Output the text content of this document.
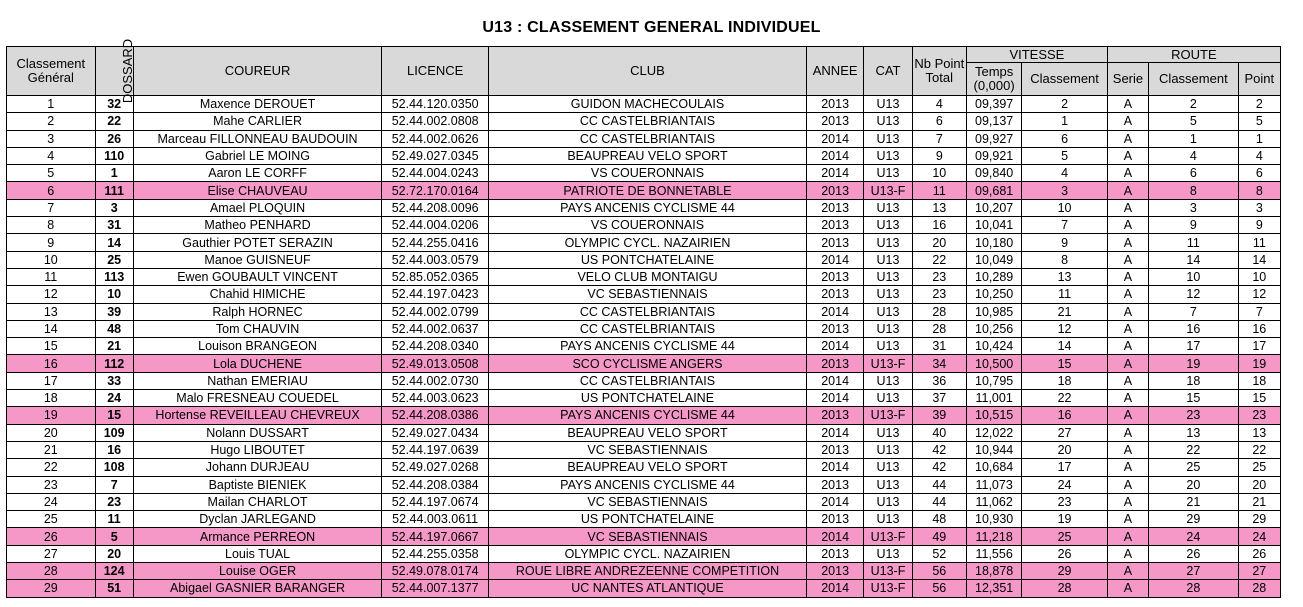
U13 : CLASSEMENT GENERAL INDIVIDUEL
Classement Général	DOSSARD	COUREUR	LICENCE	CLUB	ANNEE	CAT	Nb Point Total	VITESSE		ROUTE		
								Temps (0,000)	Classement	Serie	Classement	Point
1	32	Maxence DEROUET	52.44.120.0350	GUIDON MACHECOULAIS	2013	U13	4	09,397	2	A	2	2
2	22	Mahe CARLIER	52.44.002.0808	CC CASTELBRIANTAIS	2013	U13	6	09,137	1	A	5	5
3	26	Marceau FILLONNEAU BAUDOUIN	52.44.002.0626	CC CASTELBRIANTAIS	2014	U13	7	09,927	6	A	1	1
4	110	Gabriel LE MOING	52.49.027.0345	BEAUPREAU VELO SPORT	2014	U13	9	09,921	5	A	4	4
5	1	Aaron LE CORFF	52.44.004.0243	VS COUERONNAIS	2014	U13	10	09,840	4	A	6	6
6	111	Elise CHAUVEAU	52.72.170.0164	PATRIOTE DE BONNETABLE	2013	U13-F	11	09,681	3	A	8	8
7	3	Amael PLOQUIN	52.44.208.0096	PAYS ANCENIS CYCLISME 44	2013	U13	13	10,207	10	A	3	3
8	31	Matheo PENHARD	52.44.004.0206	VS COUERONNAIS	2013	U13	16	10,041	7	A	9	9
9	14	Gauthier POTET SERAZIN	52.44.255.0416	OLYMPIC CYCL. NAZAIRIEN	2013	U13	20	10,180	9	A	11	11
10	25	Manoe GUISNEUF	52.44.003.0579	US PONTCHATELAINE	2014	U13	22	10,049	8	A	14	14
11	113	Ewen GOUBAULT VINCENT	52.85.052.0365	VELO CLUB MONTAIGU	2013	U13	23	10,289	13	A	10	10
12	10	Chahid HIMICHE	52.44.197.0423	VC SEBASTIENNAIS	2013	U13	23	10,250	11	A	12	12
13	39	Ralph HORNEC	52.44.002.0799	CC CASTELBRIANTAIS	2014	U13	28	10,985	21	A	7	7
14	48	Tom CHAUVIN	52.44.002.0637	CC CASTELBRIANTAIS	2013	U13	28	10,256	12	A	16	16
15	21	Louison BRANGEON	52.44.208.0340	PAYS ANCENIS CYCLISME 44	2014	U13	31	10,424	14	A	17	17
16	112	Lola DUCHENE	52.49.013.0508	SCO CYCLISME ANGERS	2013	U13-F	34	10,500	15	A	19	19
17	33	Nathan EMERIAU	52.44.002.0730	CC CASTELBRIANTAIS	2014	U13	36	10,795	18	A	18	18
18	24	Malo FRESNEAU COUEDEL	52.44.003.0623	US PONTCHATELAINE	2014	U13	37	11,001	22	A	15	15
19	15	Hortense REVEILLEAU CHEVREUX	52.44.208.0386	PAYS ANCENIS CYCLISME 44	2013	U13-F	39	10,515	16	A	23	23
20	109	Nolann DUSSART	52.49.027.0434	BEAUPREAU VELO SPORT	2014	U13	40	12,022	27	A	13	13
21	16	Hugo LIBOUTET	52.44.197.0639	VC SEBASTIENNAIS	2013	U13	42	10,944	20	A	22	22
22	108	Johann DURJEAU	52.49.027.0268	BEAUPREAU VELO SPORT	2014	U13	42	10,684	17	A	25	25
23	7	Baptiste BIENIEK	52.44.208.0384	PAYS ANCENIS CYCLISME 44	2013	U13	44	11,073	24	A	20	20
24	23	Mailan CHARLOT	52.44.197.0674	VC SEBASTIENNAIS	2014	U13	44	11,062	23	A	21	21
25	11	Dyclan JARLEGAND	52.44.003.0611	US PONTCHATELAINE	2013	U13	48	10,930	19	A	29	29
26	5	Armance PERREON	52.44.197.0667	VC SEBASTIENNAIS	2014	U13-F	49	11,218	25	A	24	24
27	20	Louis TUAL	52.44.255.0358	OLYMPIC CYCL. NAZAIRIEN	2013	U13	52	11,556	26	A	26	26
28	124	Louise OGER	52.49.078.0174	ROUE LIBRE ANDREZEENNE COMPETITION	2013	U13-F	56	18,878	29	A	27	27
29	51	Abigael GASNIER BARANGER	52.44.007.1377	UC NANTES ATLANTIQUE	2014	U13-F	56	12,351	28	A	28	28
